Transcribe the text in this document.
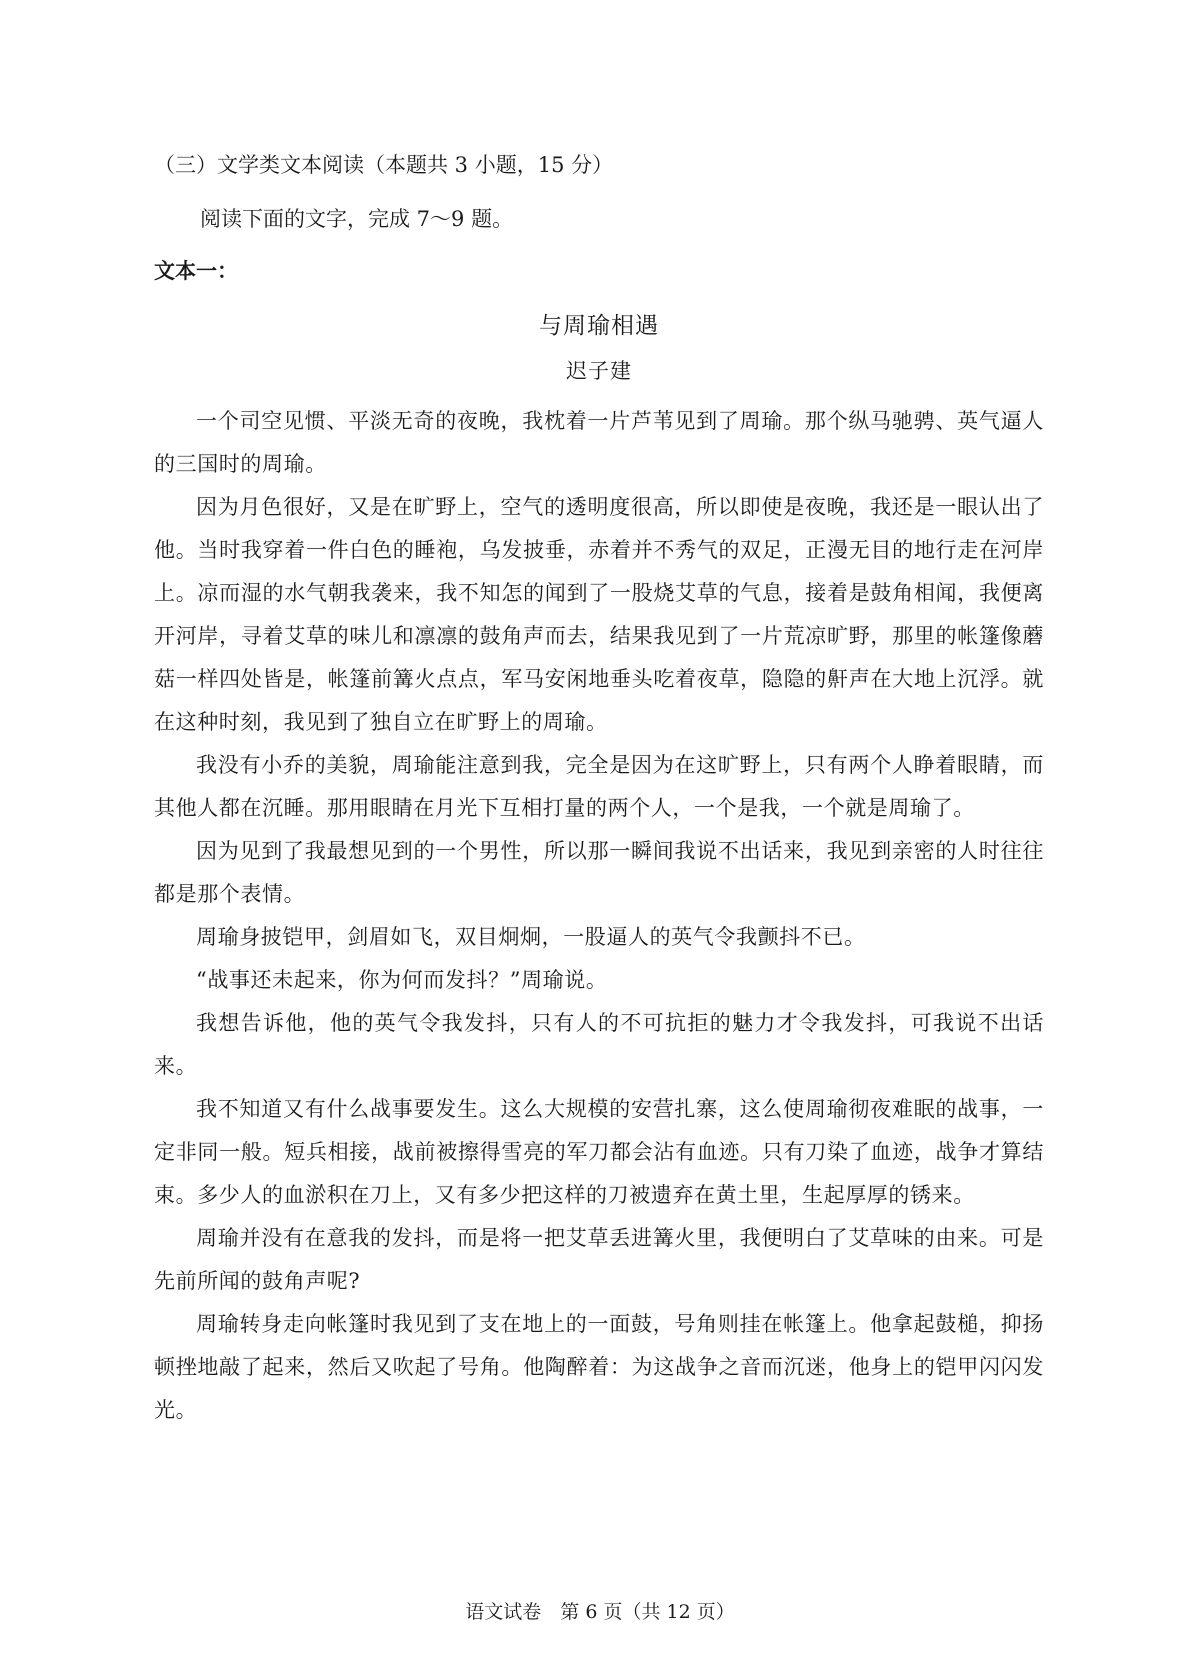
（三）文学类文本阅读（本题共 3 小题，15 分）

阅读下面的文字，完成 7～9 题。

文本一：

与周瑜相遇

迟子建

一个司空见惯、平淡无奇的夜晚，我枕着一片芦苇见到了周瑜。那个纵马驰骋、英气逼人的三国时的周瑜。

因为月色很好，又是在旷野上，空气的透明度很高，所以即使是夜晚，我还是一眼认出了他。当时我穿着一件白色的睡袍，乌发披垂，赤着并不秀气的双足，正漫无目的地行走在河岸上。凉而湿的水气朝我袭来，我不知怎的闻到了一股烧艾草的气息，接着是鼓角相闻，我便离开河岸，寻着艾草的味儿和凛凛的鼓角声而去，结果我见到了一片荒凉旷野，那里的帐篷像蘑菇一样四处皆是，帐篷前篝火点点，军马安闲地垂头吃着夜草，隐隐的鼾声在大地上沉浮。就在这种时刻，我见到了独自立在旷野上的周瑜。

我没有小乔的美貌，周瑜能注意到我，完全是因为在这旷野上，只有两个人睁着眼睛，而其他人都在沉睡。那用眼睛在月光下互相打量的两个人，一个是我，一个就是周瑜了。

因为见到了我最想见到的一个男性，所以那一瞬间我说不出话来，我见到亲密的人时往往都是那个表情。

周瑜身披铠甲，剑眉如飞，双目炯炯，一股逼人的英气令我颤抖不已。

“战事还未起来，你为何而发抖？”周瑜说。

我想告诉他，他的英气令我发抖，只有人的不可抗拒的魅力才令我发抖，可我说不出话来。

我不知道又有什么战事要发生。这么大规模的安营扎寨，这么使周瑜彻夜难眠的战事，一定非同一般。短兵相接，战前被擦得雪亮的军刀都会沾有血迹。只有刀染了血迹，战争才算结束。多少人的血淤积在刀上，又有多少把这样的刀被遗弃在黄土里，生起厚厚的锈来。

周瑜并没有在意我的发抖，而是将一把艾草丢进篝火里，我便明白了艾草味的由来。可是先前所闻的鼓角声呢?

周瑜转身走向帐篷时我见到了支在地上的一面鼓，号角则挂在帐篷上。他拿起鼓槌，抑扬顿挫地敲了起来，然后又吹起了号角。他陶醉着：为这战争之音而沉迷，他身上的铠甲闪闪发光。

语文试卷　第 6 页（共 12 页）
